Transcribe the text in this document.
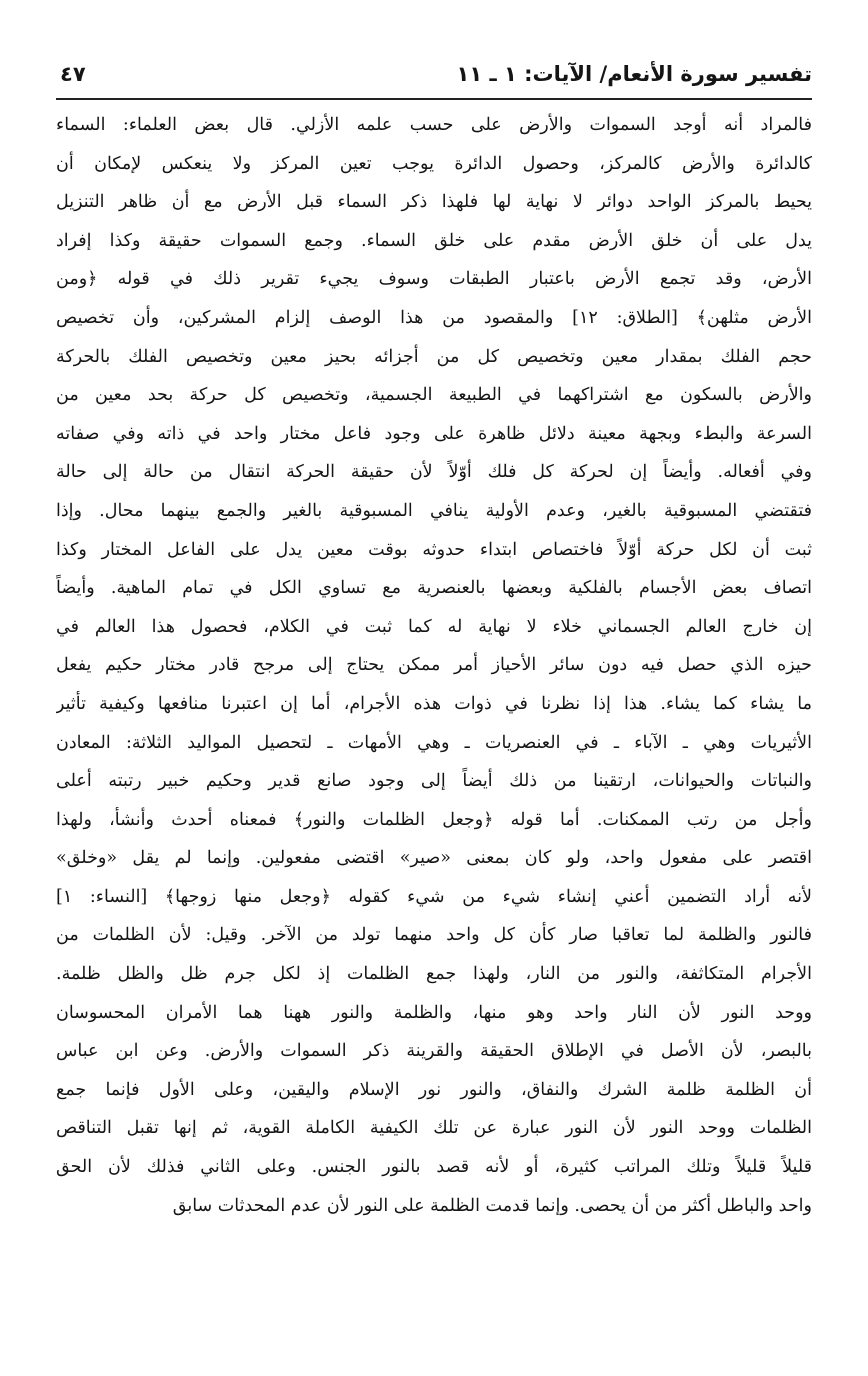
تفسير سورة الأنعام/ الآيات: ١ ـ ١١
٤٧
فالمراد أنه أوجد السموات والأرض على حسب علمه الأزلي. قال بعض العلماء: السماء
كالدائرة والأرض كالمركز، وحصول الدائرة يوجب تعين المركز ولا ينعكس لإمكان أن
يحيط بالمركز الواحد دوائر لا نهاية لها فلهذا ذكر السماء قبل الأرض مع أن ظاهر التنزيل
يدل على أن خلق الأرض مقدم على خلق السماء. وجمع السموات حقيقة وكذا إفراد
الأرض، وقد تجمع الأرض باعتبار الطبقات وسوف يجيء تقرير ذلك في قوله ﴿ومن
الأرض مثلهن﴾ [الطلاق: ١٢] والمقصود من هذا الوصف إلزام المشركين، وأن تخصيص
حجم الفلك بمقدار معين وتخصيص كل من أجزائه بحيز معين وتخصيص الفلك بالحركة
والأرض بالسكون مع اشتراكهما في الطبيعة الجسمية، وتخصيص كل حركة بحد معين من
السرعة والبطء وبجهة معينة دلائل ظاهرة على وجود فاعل مختار واحد في ذاته وفي صفاته
وفي أفعاله. وأيضاً إن لحركة كل فلك أوّلاً لأن حقيقة الحركة انتقال من حالة إلى حالة
فتقتضي المسبوقية بالغير، وعدم الأولية ينافي المسبوقية بالغير والجمع بينهما محال. وإذا
ثبت أن لكل حركة أوّلاً فاختصاص ابتداء حدوثه بوقت معين يدل على الفاعل المختار وكذا
اتصاف بعض الأجسام بالفلكية وبعضها بالعنصرية مع تساوي الكل في تمام الماهية. وأيضاً
إن خارج العالم الجسماني خلاء لا نهاية له كما ثبت في الكلام، فحصول هذا العالم في
حيزه الذي حصل فيه دون سائر الأحياز أمر ممكن يحتاج إلى مرجح قادر مختار حكيم يفعل
ما يشاء كما يشاء. هذا إذا نظرنا في ذوات هذه الأجرام، أما إن اعتبرنا منافعها وكيفية تأثير
الأثيريات وهي ـ الآباء ـ في العنصريات ـ وهي الأمهات ـ لتحصيل المواليد الثلاثة: المعادن
والنباتات والحيوانات، ارتقينا من ذلك أيضاً إلى وجود صانع قدير وحكيم خبير رتبته أعلى
وأجل من رتب الممكنات. أما قوله ﴿وجعل الظلمات والنور﴾ فمعناه أحدث وأنشأ، ولهذا
اقتصر على مفعول واحد، ولو كان بمعنى «صير» اقتضى مفعولين. وإنما لم يقل «وخلق»
لأنه أراد التضمين أعني إنشاء شيء من شيء كقوله ﴿وجعل منها زوجها﴾ [النساء: ١]
فالنور والظلمة لما تعاقبا صار كأن كل واحد منهما تولد من الآخر. وقيل: لأن الظلمات من
الأجرام المتكاثفة، والنور من النار، ولهذا جمع الظلمات إذ لكل جرم ظل والظل ظلمة.
ووحد النور لأن النار واحد وهو منها، والظلمة والنور ههنا هما الأمران المحسوسان
بالبصر، لأن الأصل في الإطلاق الحقيقة والقرينة ذكر السموات والأرض. وعن ابن عباس
أن الظلمة ظلمة الشرك والنفاق، والنور نور الإسلام واليقين، وعلى الأول فإنما جمع
الظلمات ووحد النور لأن النور عبارة عن تلك الكيفية الكاملة القوية، ثم إنها تقبل التناقص
قليلاً قليلاً وتلك المراتب كثيرة، أو لأنه قصد بالنور الجنس. وعلى الثاني فذلك لأن الحق
واحد والباطل أكثر من أن يحصى. وإنما قدمت الظلمة على النور لأن عدم المحدثات سابق
